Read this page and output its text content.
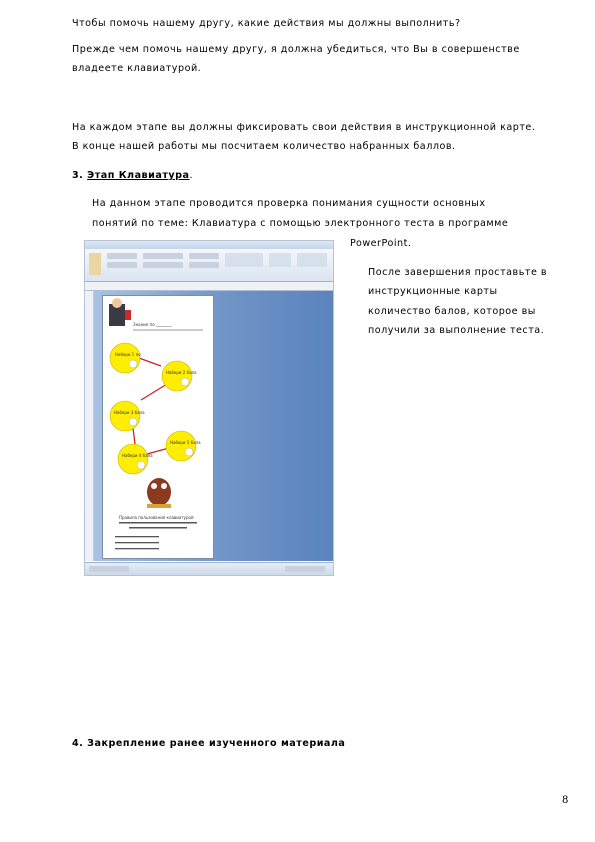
Чтобы помочь нашему другу, какие действия мы должны выполнить?
Прежде чем помочь нашему другу, я должна убедиться, что Вы в совершенстве
владеете клавиатурой.
На каждом этапе вы должны фиксировать свои действия в инструкционной карте.
В конце нашей работы мы посчитаем количество набранных баллов.
3. Этап Клавиатура.
На данном этапе проводится проверка понимания сущности основных
понятий по теме: Клавиатура с помощью электронного теста в программе
PowerPoint.
После завершения проставьте в
инструкционные карты
количество балов, которое вы
получили за выполнение теста.
Знание по ________
Набери 1 по
Набери 2 бала
Набери 3 бала
Набери 4 бала
Набери 5 бала
Правила пользования клавиатурой
4. Закрепление ранее изученного материала
8
